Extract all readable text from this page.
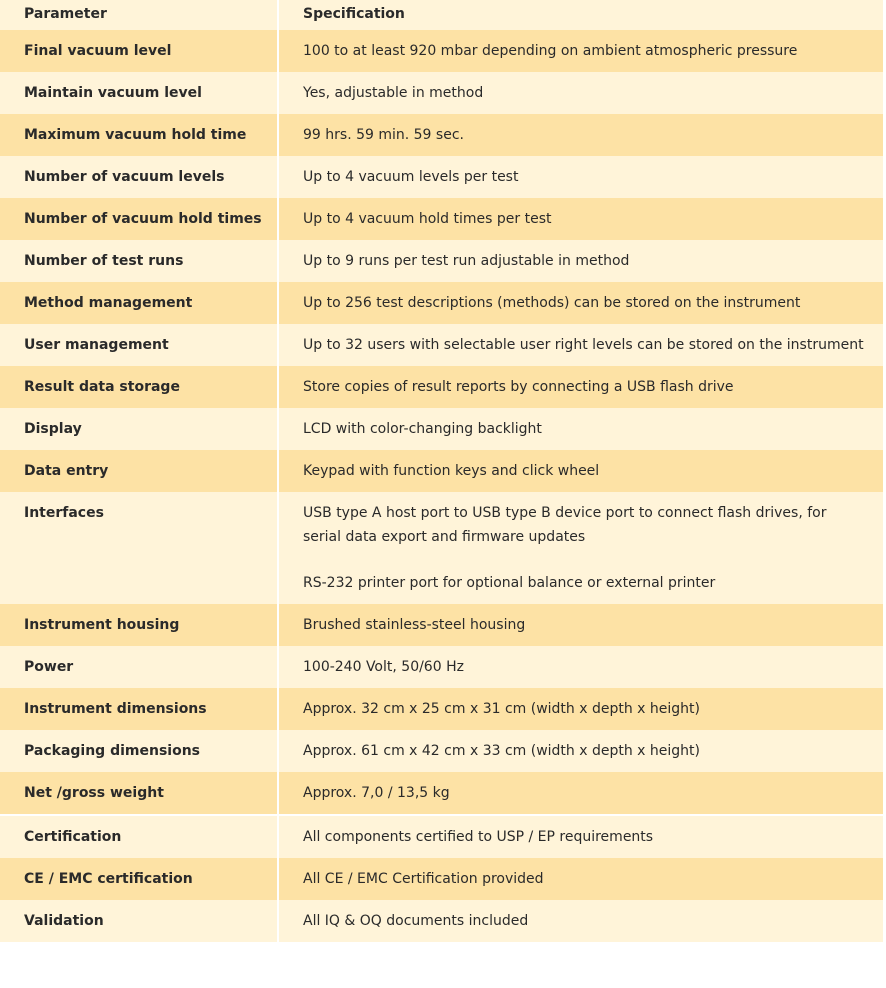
Parameter	Specification
Final vacuum level	100 to at least 920 mbar depending on ambient atmospheric pressure
Maintain vacuum level	Yes, adjustable in method
Maximum vacuum hold time	99 hrs. 59 min. 59 sec.
Number of vacuum levels	Up to 4 vacuum levels per test
Number of vacuum hold times	Up to 4 vacuum hold times per test
Number of test runs	Up to 9 runs per test run adjustable in method
Method management	Up to 256 test descriptions (methods) can be stored on the instrument
User management	Up to 32 users with selectable user right levels can be stored on the instrument
Result data storage	Store copies of result reports by connecting a USB flash drive
Display	LCD with color-changing backlight
Data entry	Keypad with function keys and click wheel
Interfaces	USB type A host port to USB type B device port to connect flash drives, for serial data export and firmware updates
RS-232 printer port for optional balance or external printer

Instrument housing	Brushed stainless-steel housing
Power	100-240 Volt, 50/60 Hz
Instrument dimensions	Approx. 32 cm x 25 cm x 31 cm (width x depth x height)
Packaging dimensions	Approx. 61 cm x 42 cm x 33 cm (width x depth x height)
Net /gross weight	Approx. 7,0 / 13,5 kg
Certification	All components certified to USP / EP requirements
CE / EMC certification	All CE / EMC Certification provided
Validation	All IQ & OQ documents included
